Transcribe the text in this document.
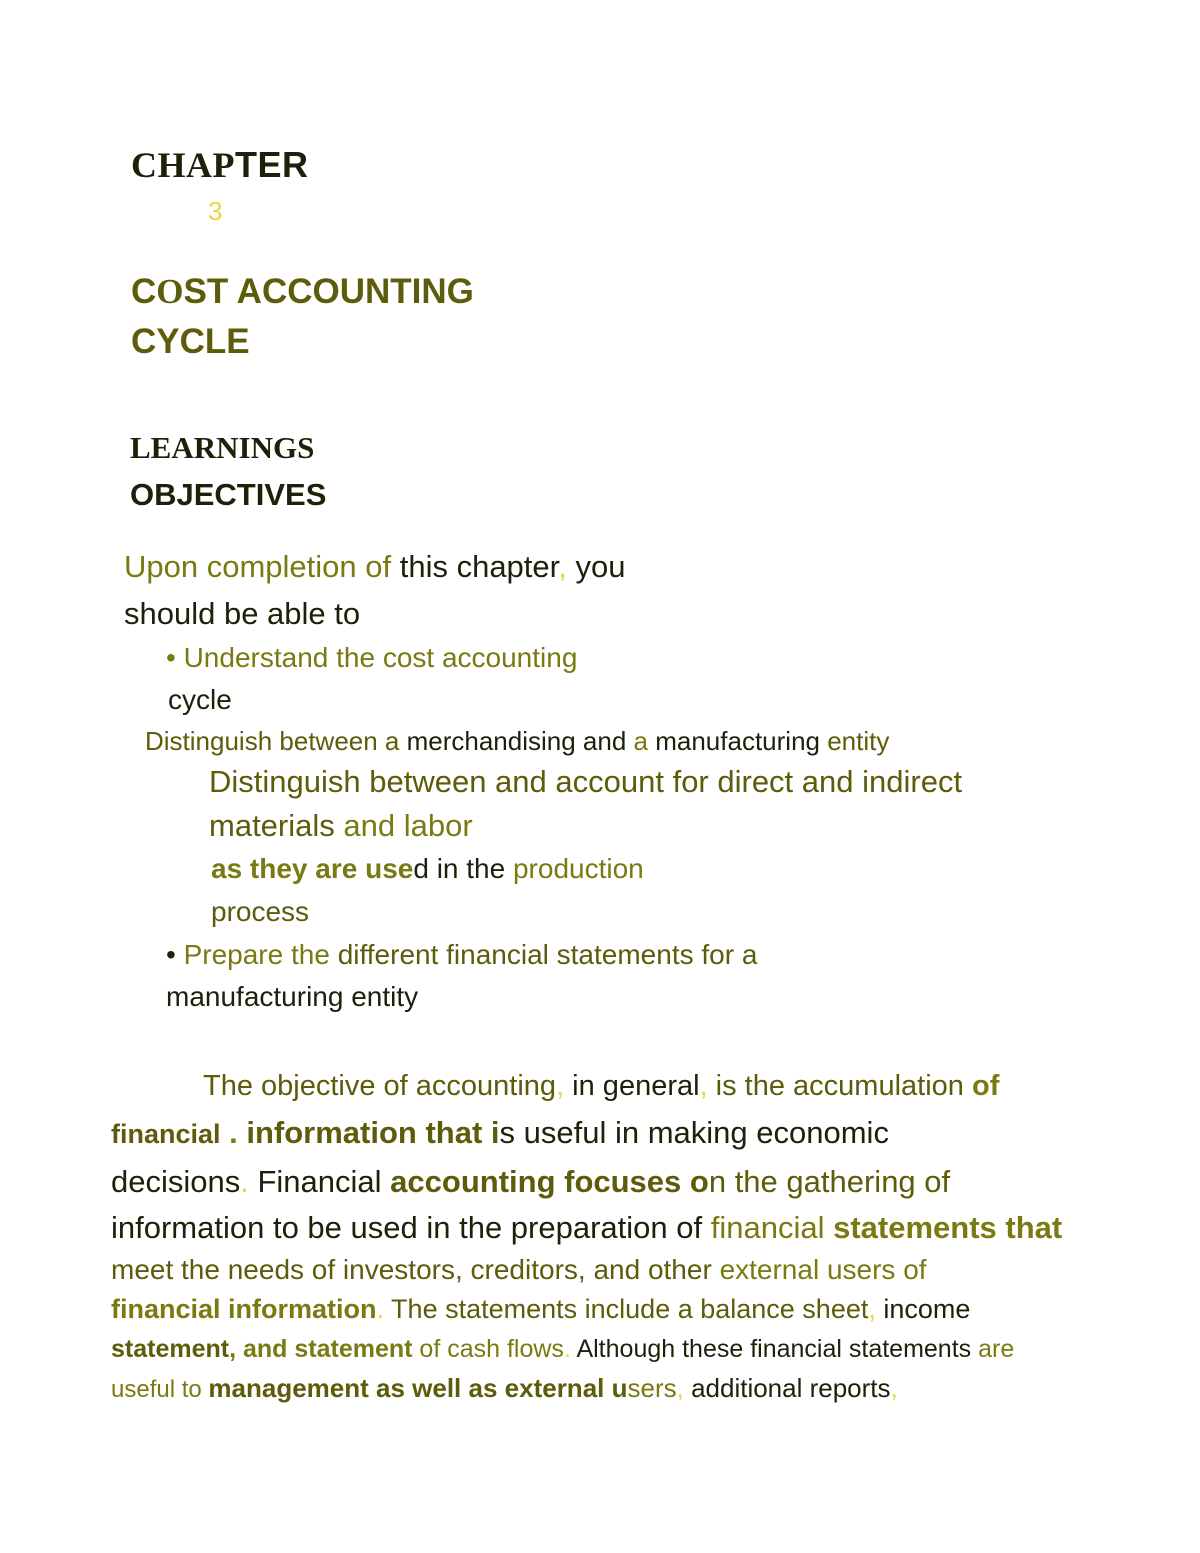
CHAPTER
3
COST ACCOUNTING
CYCLE
LEARNINGS
OBJECTIVES
Upon completion of this chapter, you
should be able to
• Understand the cost accounting
cycle
Distinguish between a merchandising and a manufacturing entity
Distinguish between and account for direct and indirect
materials and labor
as they are used in the production
process
• Prepare the different financial statements for a
manufacturing entity
The objective of accounting, in general, is the accumulation of
financial . information that is useful in making economic
decisions. Financial accounting focuses on the gathering of
information to be used in the preparation of financial statements that
meet the needs of investors, creditors, and other external users of
financial information. The statements include a balance sheet, income
statement, and statement of cash flows. Although these financial statements are
useful to management as well as external users, additional reports,
